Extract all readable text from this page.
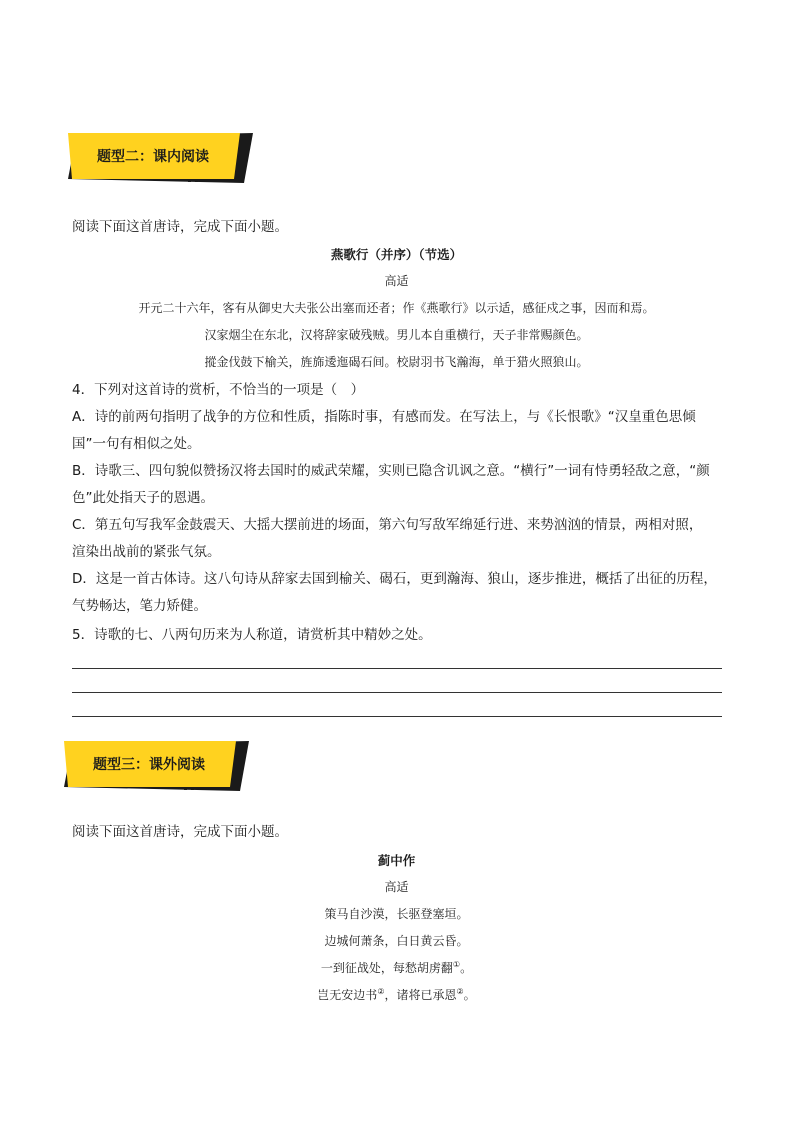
题型二：课内阅读
阅读下面这首唐诗，完成下面小题。
燕歌行（并序）（节选）
高适
开元二十六年，客有从御史大夫张公出塞而还者；作《燕歌行》以示适，感征戍之事，因而和焉。
汉家烟尘在东北，汉将辞家破残贼。男儿本自重横行，天子非常赐颜色。
摐金伐鼓下榆关，旌旆逶迤碣石间。校尉羽书飞瀚海，单于猎火照狼山。
4．下列对这首诗的赏析，不恰当的一项是（　）
A．诗的前两句指明了战争的方位和性质，指陈时事，有感而发。在写法上，与《长恨歌》“汉皇重色思倾
国”一句有相似之处。
B．诗歌三、四句貌似赞扬汉将去国时的威武荣耀，实则已隐含讥讽之意。“横行”一词有恃勇轻敌之意，“颜
色”此处指天子的恩遇。
C．第五句写我军金鼓震天、大摇大摆前进的场面，第六句写敌军绵延行进、来势汹汹的情景，两相对照，
渲染出战前的紧张气氛。
D．这是一首古体诗。这八句诗从辞家去国到榆关、碣石，更到瀚海、狼山，逐步推进，概括了出征的历程，
气势畅达，笔力矫健。
5．诗歌的七、八两句历来为人称道，请赏析其中精妙之处。
题型三：课外阅读
阅读下面这首唐诗，完成下面小题。
蓟中作
高适
策马自沙漠，长驱登塞垣。
边城何萧条，白日黄云昏。
一到征战处，每愁胡虏翻①。
岂无安边书②，诸将已承恩②。
